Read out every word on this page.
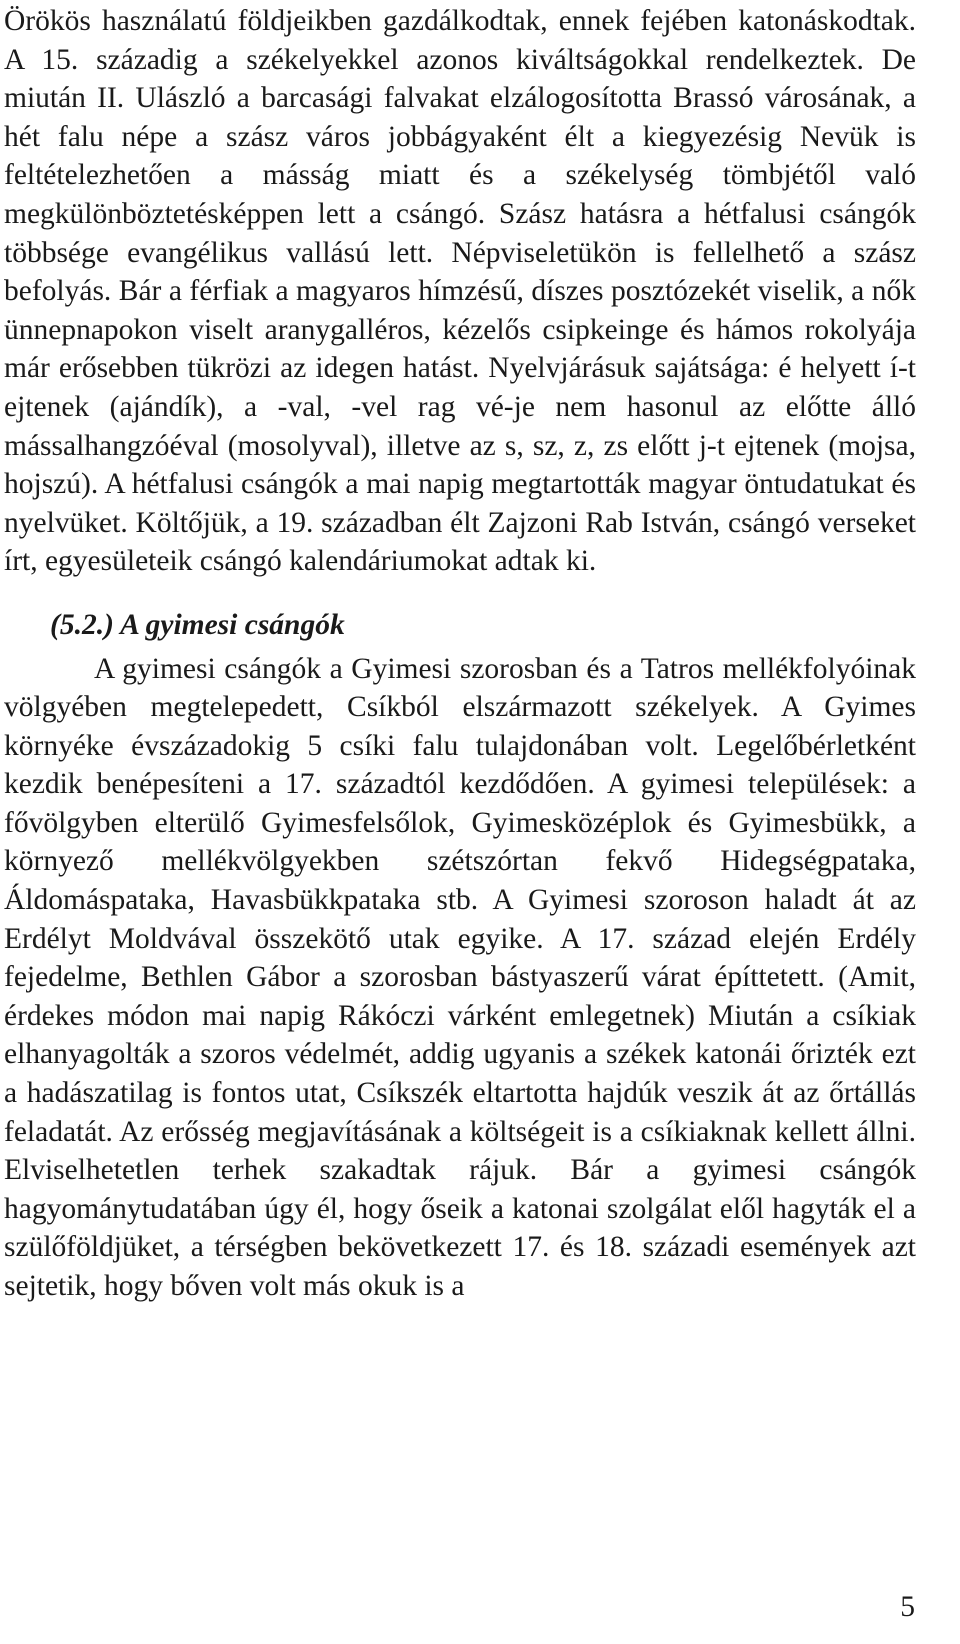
Örökös használatú földjeikben gazdálkodtak, ennek fejében katonáskodtak. A 15. századig a székelyekkel azonos kiváltságokkal rendelkeztek. De miután II. Ulászló a barcasági falvakat elzálogosította Brassó városának, a hét falu népe a szász város jobbágyaként élt a kiegyezésig Nevük is feltételezhetően a másság miatt és a székelység tömbjétől való megkülönböztetésképpen lett a csángó. Szász hatásra a hétfalusi csángók többsége evangélikus vallású lett. Népviseletükön is fellelhető a szász befolyás. Bár a férfiak a magyaros hímzésű, díszes posztózekét viselik, a nők ünnepnapokon viselt aranygalléros, kézelős csipkeinge és hámos rokolyája már erősebben tükrözi az idegen hatást. Nyelvjárásuk sajátsága: é helyett í-t ejtenek (ajándík), a -val, -vel rag vé-je nem hasonul az előtte álló mássalhangzóéval (mosolyval), illetve az s, sz, z, zs előtt j-t ejtenek (mojsa, hojszú). A hétfalusi csángók a mai napig megtartották magyar öntudatukat és nyelvüket. Költőjük, a 19. században élt Zajzoni Rab István, csángó verseket írt, egyesületeik csángó kalendáriumokat adtak ki.

(5.2.) A gyimesi csángók

A gyimesi csángók a Gyimesi szorosban és a Tatros mellékfolyóinak völgyében megtelepedett, Csíkból elszármazott székelyek. A Gyimes környéke évszázadokig 5 csíki falu tulajdonában volt. Legelőbérletként kezdik benépesíteni a 17. századtól kezdődően. A gyimesi települések: a fővölgyben elterülő Gyimesfelsőlok, Gyimesközéplok és Gyimesbükk, a környező mellékvölgyekben szétszórtan fekvő Hidegségpataka, Áldomáspataka, Havasbükkpataka stb. A Gyimesi szoroson haladt át az Erdélyt Moldvával összekötő utak egyike. A 17. század elején Erdély fejedelme, Bethlen Gábor a szorosban bástyaszerű várat építtetett. (Amit, érdekes módon mai napig Rákóczi várként emlegetnek) Miután a csíkiak elhanyagolták a szoros védelmét, addig ugyanis a székek katonái őrizték ezt a hadászatilag is fontos utat, Csíkszék eltartotta hajdúk veszik át az őrtállás feladatát. Az erősség megjavításának a költségeit is a csíkiaknak kellett állni. Elviselhetetlen terhek szakadtak rájuk. Bár a gyimesi csángók hagyománytudatában úgy él, hogy őseik a katonai szolgálat elől hagyták el a szülőföldjüket, a térségben bekövetkezett 17. és 18. századi események azt sejtetik, hogy bőven volt más okuk is a

5
